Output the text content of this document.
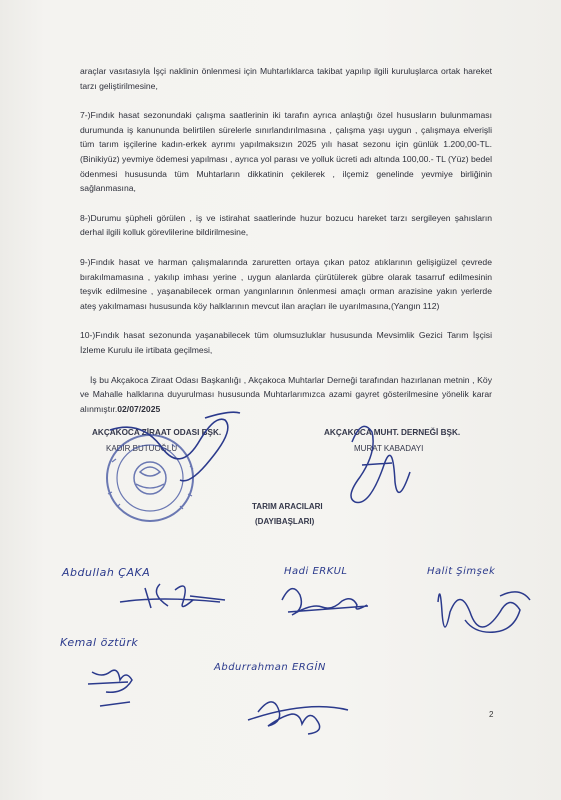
araçlar vasıtasıyla İşçi naklinin önlenmesi için Muhtarlıklarca takibat yapılıp ilgili kuruluşlarca ortak hareket tarzı geliştirilmesine,

7-)Fındık hasat sezonundaki çalışma saatlerinin iki tarafın ayrıca anlaştığı özel hususların bulunmaması durumunda iş kanununda belirtilen sürelerle sınırlandırılmasına , çalışma yaşı uygun , çalışmaya elverişli tüm tarım işçilerine kadın-erkek ayrımı yapılmaksızın 2025 yılı hasat sezonu için günlük 1.200,00-TL. (Binikiyüz) yevmiye ödemesi yapılması , ayrıca yol parası ve yolluk ücreti adı altında 100,00.- TL (Yüz) bedel ödenmesi hususunda tüm Muhtarların dikkatinin çekilerek , ilçemiz genelinde yevmiye birliğinin sağlanmasına,

8-)Durumu şüpheli görülen , iş ve istirahat saatlerinde huzur bozucu hareket tarzı sergileyen şahısların derhal ilgili kolluk görevlilerine bildirilmesine,

9-)Fındık hasat ve harman çalışmalarında zaruretten ortaya çıkan patoz atıklarının gelişigüzel çevrede bırakılmamasına , yakılıp imhası yerine , uygun alanlarda çürütülerek gübre olarak tasarruf edilmesinin teşvik edilmesine , yaşanabilecek orman yangınlarının önlenmesi amaçlı orman arazisine yakın yerlerde ateş yakılmaması hususunda köy halklarının mevcut ilan araçları ile uyarılmasına,(Yangın 112)

10-)Fındık hasat sezonunda yaşanabilecek tüm olumsuzluklar hususunda Mevsimlik Gezici Tarım İşçisi İzleme Kurulu ile irtibata geçilmesi,

İş bu Akçakoca Ziraat Odası Başkanlığı , Akçakoca Muhtarlar Derneği tarafından hazırlanan metnin , Köy ve Mahalle halklarına duyurulması hususunda Muhtarlarımızca azami gayret gösterilmesine yönelik karar alınmıştır.02/07/2025

AKÇAKOCA ZİRAAT ODASI BŞK.
KADİR BUTUOĞLU
AKÇAKOCA MUHT. DERNEĞİ BŞK.
MURAT KABADAYI
TARIM ARACILARI
(DAYIBAŞLARI)
Abdullah ÇAKA	Hadi ERKUL	Halit Şimşek
Kemal öztürk
Abdurrahman ERGİN
2
